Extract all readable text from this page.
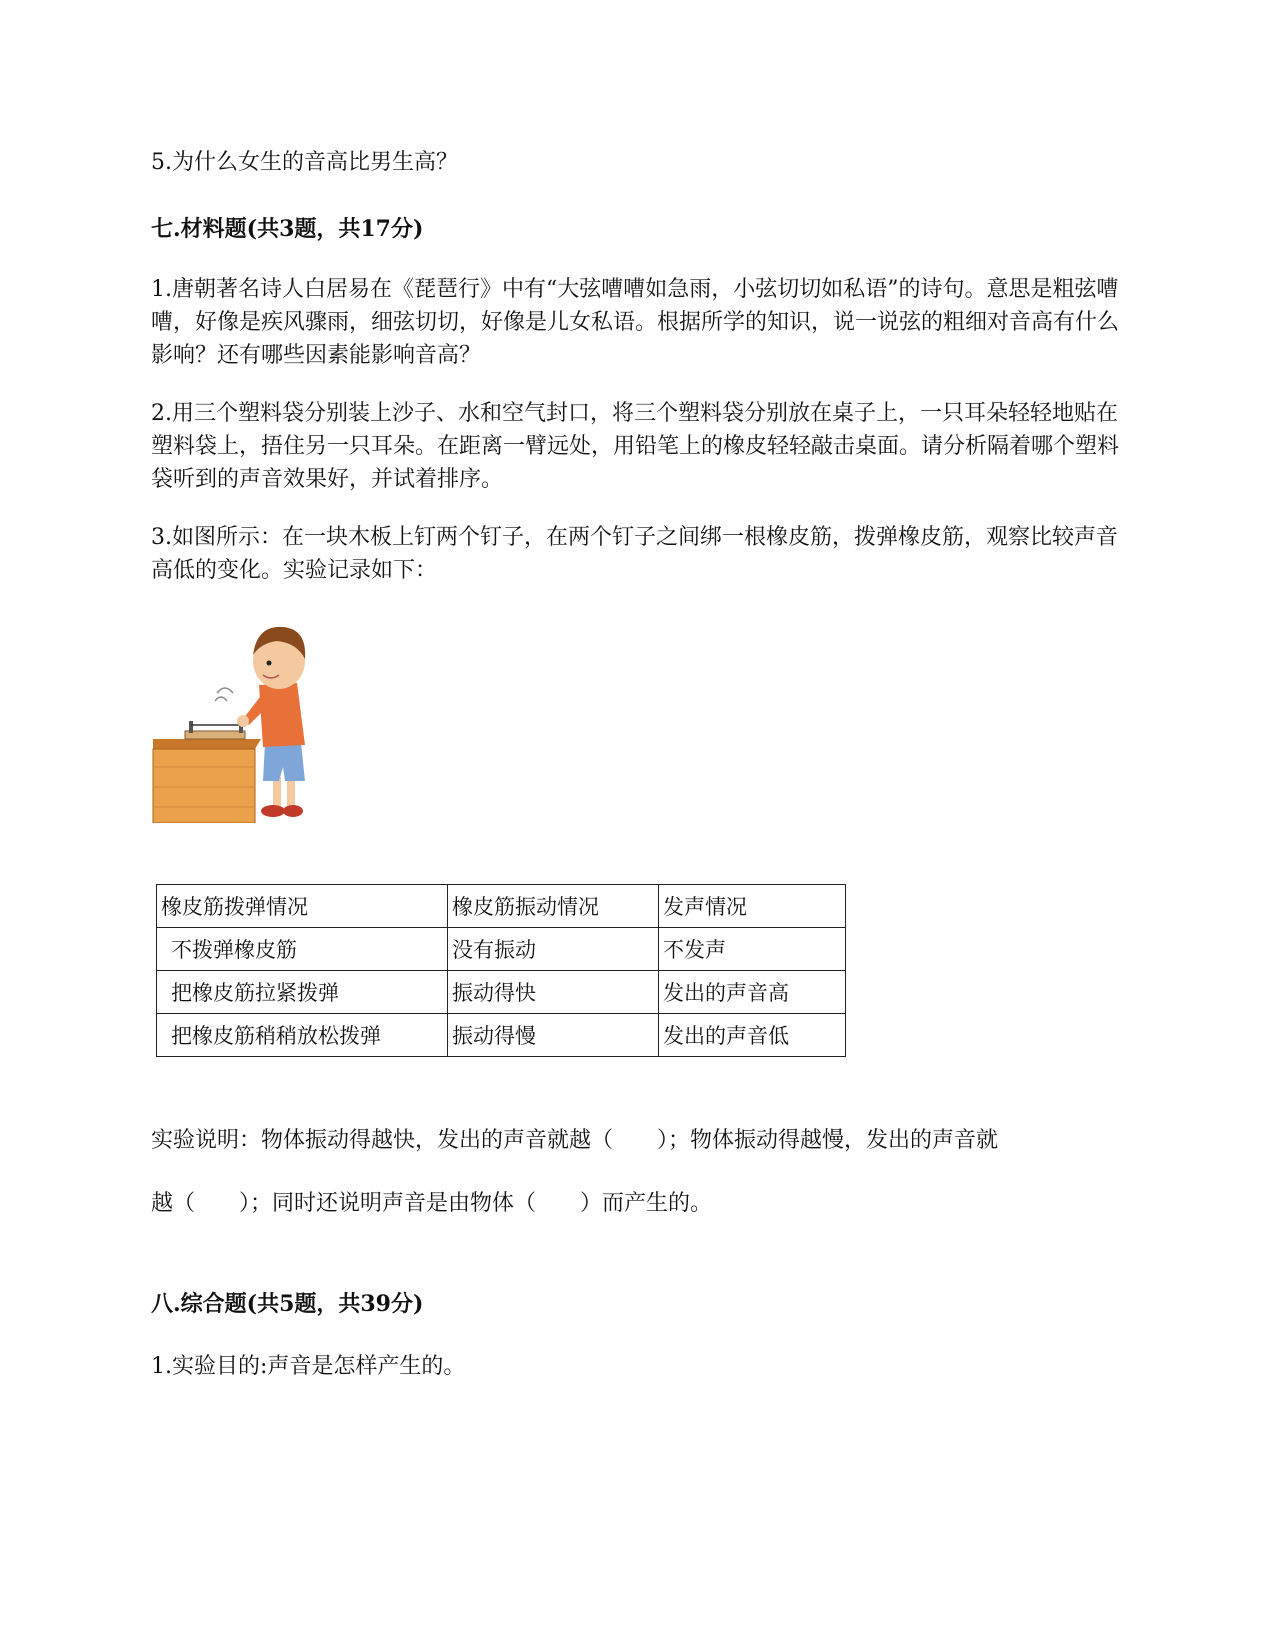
5.为什么女生的音高比男生高？
七.材料题(共3题，共17分)
1.唐朝著名诗人白居易在《琵琶行》中有“大弦嘈嘈如急雨，小弦切切如私语”的诗句。意思是粗弦嘈嘈，好像是疾风骤雨，细弦切切，好像是儿女私语。根据所学的知识，说一说弦的粗细对音高有什么影响？还有哪些因素能影响音高？
2.用三个塑料袋分别装上沙子、水和空气封口，将三个塑料袋分别放在桌子上，一只耳朵轻轻地贴在塑料袋上，捂住另一只耳朵。在距离一臂远处，用铅笔上的橡皮轻轻敲击桌面。请分析隔着哪个塑料袋听到的声音效果好，并试着排序。
3.如图所示：在一块木板上钉两个钉子，在两个钉子之间绑一根橡皮筋，拨弹橡皮筋，观察比较声音高低的变化。实验记录如下：
橡皮筋拨弹情况	橡皮筋振动情况	发声情况
不拨弹橡皮筋	没有振动	不发声
把橡皮筋拉紧拨弹	振动得快	发出的声音高
把橡皮筋稍稍放松拨弹	振动得慢	发出的声音低
实验说明：物体振动得越快，发出的声音就越（　　）；物体振动得越慢，发出的声音就
越（　　）；同时还说明声音是由物体（　　）而产生的。
八.综合题(共5题，共39分)
1.实验目的:声音是怎样产生的。
